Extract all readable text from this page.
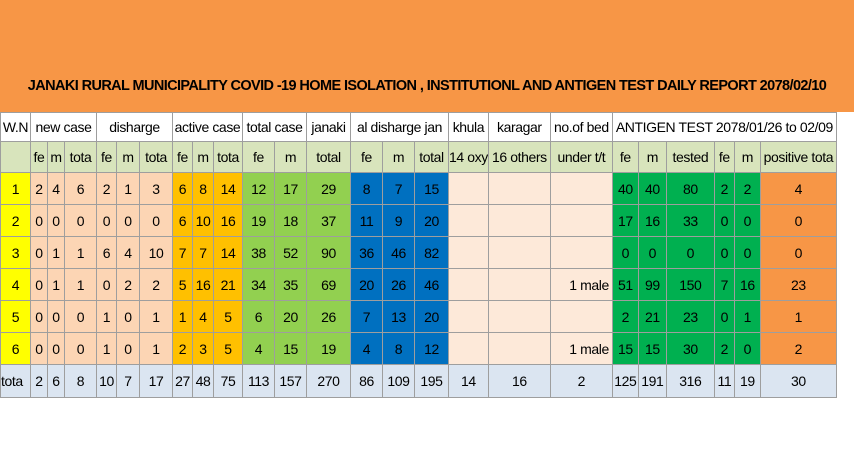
JANAKI RURAL MUNICIPALITY COVID -19 HOME ISOLATION , INSTITUTIONL AND ANTIGEN TEST DAILY REPORT 2078/02/10
W.N	new case			disharge			active case			total case		janaki	al disharge jan			khula	karagar	no.of bed	ANTIGEN TEST 2078/01/26 to 02/09					
	fe	m	tota	fe	m	tota	fe	m	tota	fe	m	total	fe	m	total	14 oxy	16 others	under t/t	fe	m	tested	fe	m	positive tota
1	2	4	6	2	1	3	6	8	14	12	17	29	8	7	15				40	40	80	2	2	4
2	0	0	0	0	0	0	6	10	16	19	18	37	11	9	20				17	16	33	0	0	0
3	0	1	1	6	4	10	7	7	14	38	52	90	36	46	82				0	0	0	0	0	0
4	0	1	1	0	2	2	5	16	21	34	35	69	20	26	46			1 male	51	99	150	7	16	23
5	0	0	0	1	0	1	1	4	5	6	20	26	7	13	20				2	21	23	0	1	1
6	0	0	0	1	0	1	2	3	5	4	15	19	4	8	12			1 male	15	15	30	2	0	2
tota	2	6	8	10	7	17	27	48	75	113	157	270	86	109	195	14	16	2	125	191	316	11	19	30
